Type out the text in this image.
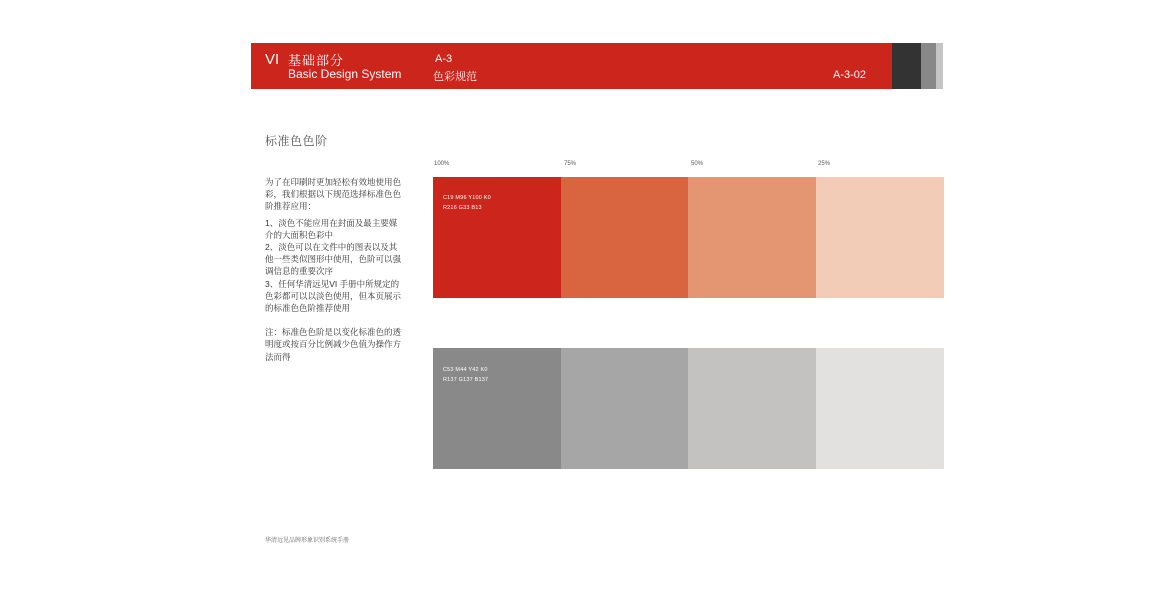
VI 基础部分
Basic Design System
A-3
色彩规范	A-3-02
标准色色阶

为了在印刷时更加轻松有效地使用色彩，我们根据以下规范选择标准色色阶推荐应用：

1、淡色不能应用在封面及最主要媒介的大面积色彩中

2、淡色可以在文件中的图表以及其他一些类似图形中使用，色阶可以强调信息的重要次序

3、任何华清远见VI 手册中所规定的色彩都可以以淡色使用，但本页展示的标准色色阶推荐使用

注：标准色色阶是以变化标准色的透明度或按百分比例减少色值为操作方法而得

100%	75%	50%	25%
C19 M96 Y100 K0
R216 G33 B13
C53 M44 Y42 K0
R137 G137 B137
华清远见品牌形象识别系统手册
